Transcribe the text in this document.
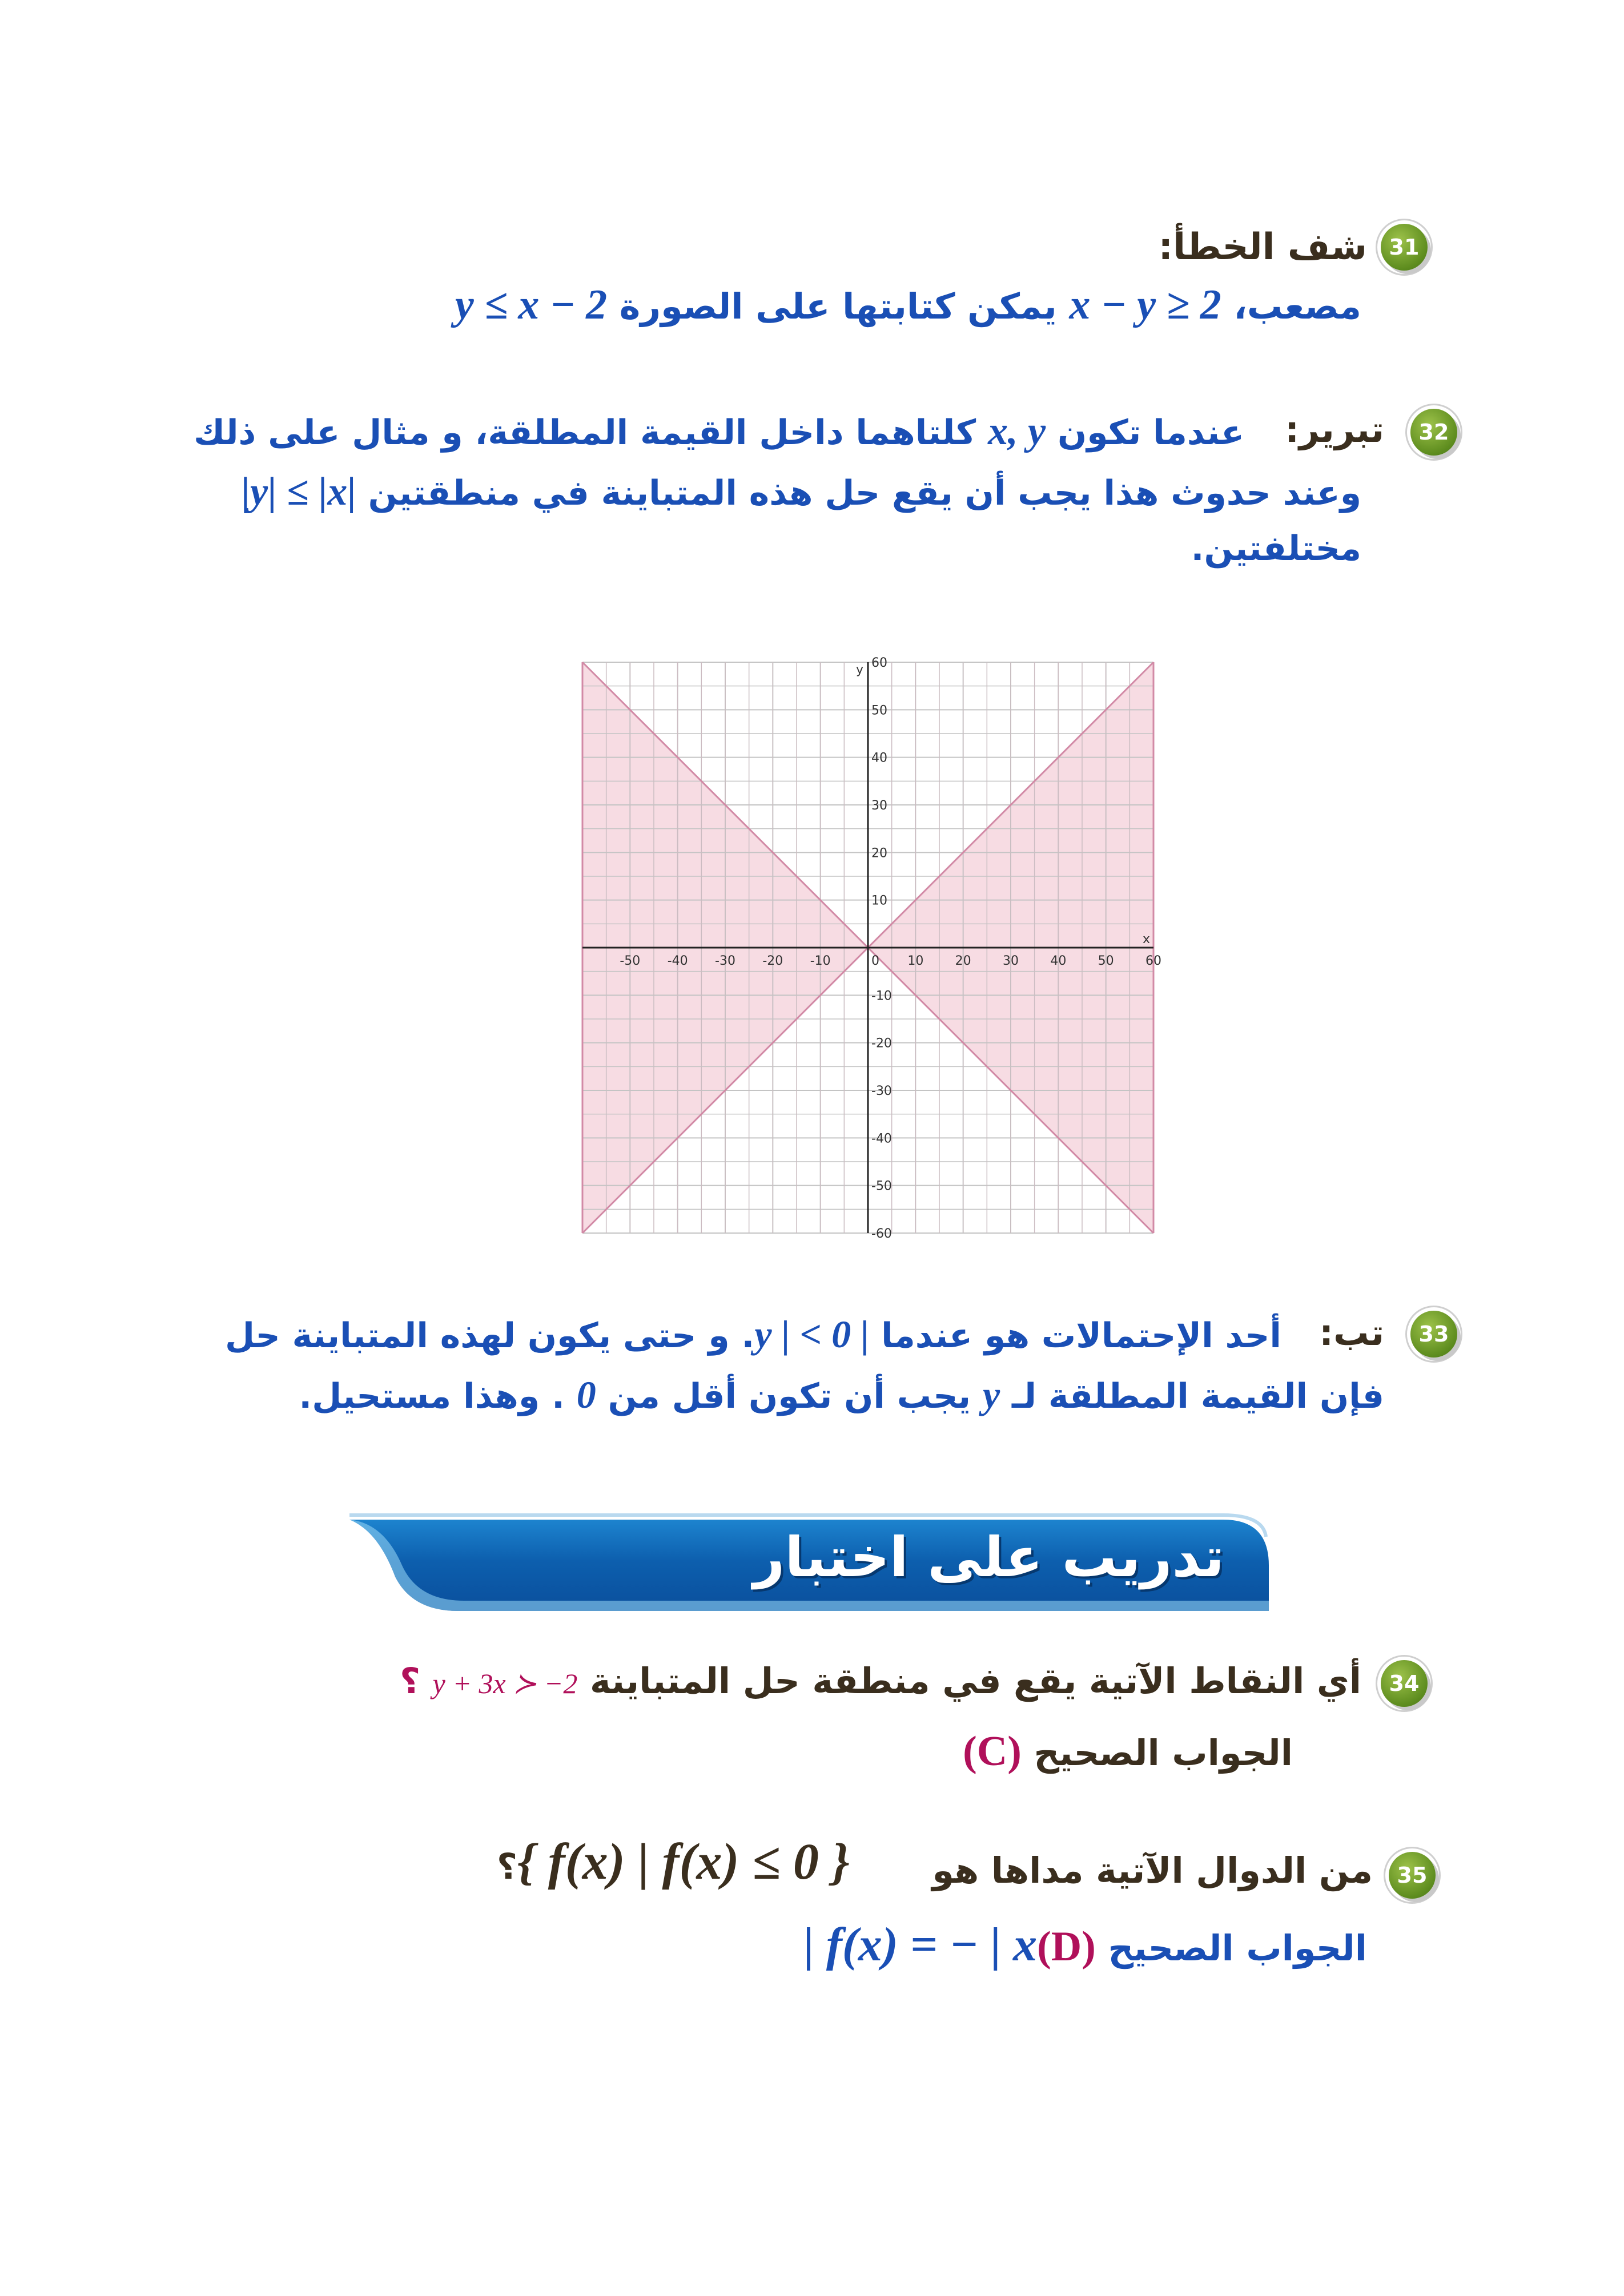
31
شف الخطأ:
مصعب، x − y ≥ 2 يمكن كتابتها على الصورة y ≤ x − 2
32
تبرير:
عندما تكون x, y كلتاهما داخل القيمة المطلقة، و مثال على ذلك
|y| ≤ |x| وعند حدوث هذا يجب أن يقع حل هذه المتباينة في منطقتين
مختلفتين.
-50 -40 -30 -20 -10	0 10	20	30	40	50	60
-60
-50
-40
-30
-20
-10
10
20
30
40
50
60
x
y
33
تب:
أحد الإحتمالات هو عندما | y | < 0. و حتى يكون لهذه المتباينة حل
فإن القيمة المطلقة لـ y يجب أن تكون أقل من 0 . وهذا مستحيل.
تدريب على اختبار
34
أي النقاط الآتية يقع في منطقة حل المتباينة y + 3x ≻ −2 ؟
الجواب الصحيح (C)
35
من الدوال الآتية مداها هو
؟{ f(x) | f(x) ≤ 0 }
الجواب الصحيح (D)f(x) = − | x |
